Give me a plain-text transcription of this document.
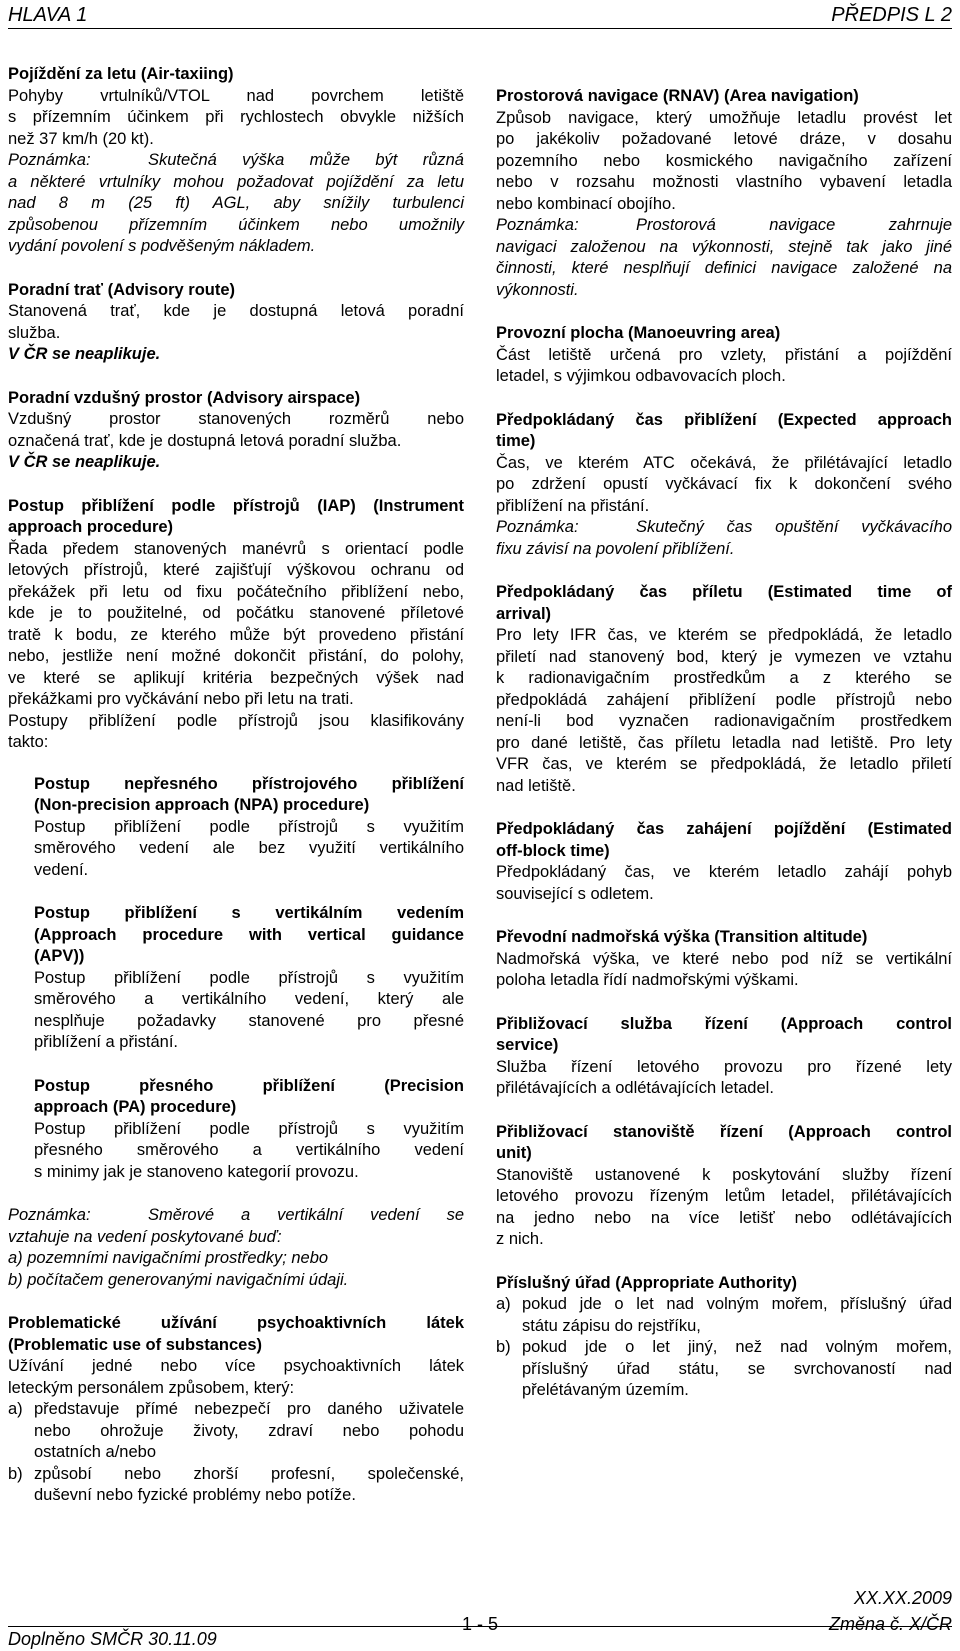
HLAVA 1	PŘEDPIS L 2
Pojíždění za letu (Air-taxiing)
Pohyby vrtulníků/VTOL nad povrchem letiště
s přízemním účinkem při rychlostech obvykle nižších
než 37 km/h (20 kt).
Poznámka:	Skutečná výška může být různá
a některé vrtulníky mohou požadovat pojíždění za letu
nad 8 m (25 ft) AGL, aby snížily turbulenci
způsobenou přízemním účinkem nebo umožnily
vydání povolení s podvěšeným nákladem.
Poradní trať (Advisory route)
Stanovená trať, kde je dostupná letová poradní
služba.
V ČR se neaplikuje.
Poradní vzdušný prostor (Advisory airspace)
Vzdušný prostor stanovených rozměrů nebo
označená trať, kde je dostupná letová poradní služba.
V ČR se neaplikuje.
Postup přiblížení podle přístrojů (IAP) (Instrument
approach procedure)
Řada předem stanovených manévrů s orientací podle
letových přístrojů, které zajišťují výškovou ochranu od
překážek při letu od fixu počátečního přiblížení nebo,
kde je to použitelné, od počátku stanovené příletové
tratě k bodu, ze kterého může být provedeno přistání
nebo, jestliže není možné dokončit přistání, do polohy,
ve které se aplikují kritéria bezpečných výšek nad
překážkami pro vyčkávání nebo při letu na trati.
Postupy přiblížení podle přístrojů jsou klasifikovány
takto:
Postup nepřesného přístrojového přiblížení
(Non-precision approach (NPA) procedure)
Postup přiblížení podle přístrojů s využitím
směrového vedení ale bez využití vertikálního
vedení.
Postup přiblížení s vertikálním vedením
(Approach procedure with vertical guidance
(APV))
Postup přiblížení podle přístrojů s využitím
směrového a vertikálního vedení, který ale
nesplňuje požadavky stanovené pro přesné
přiblížení a přistání.
Postup přesného přiblížení (Precision
approach (PA) procedure)
Postup přiblížení podle přístrojů s využitím
přesného směrového a vertikálního vedení
s minimy jak je stanoveno kategorií provozu.
Poznámka:	Směrové a vertikální vedení se
vztahuje na vedení poskytované buď:
a) pozemními navigačními prostředky; nebo
b) počítačem generovanými navigačními údaji.
Problematické užívání psychoaktivních látek
(Problematic use of substances)
Užívání jedné nebo více psychoaktivních látek
leteckým personálem způsobem, který:
a) představuje přímé nebezpečí pro daného uživatele
nebo ohrožuje životy, zdraví nebo pohodu
ostatních a/nebo
b) způsobí nebo zhorší profesní, společenské,
duševní nebo fyzické problémy nebo potíže.
Prostorová navigace (RNAV) (Area navigation)
Způsob navigace, který umožňuje letadlu provést let
po jakékoliv požadované letové dráze, v dosahu
pozemního nebo kosmického navigačního zařízení
nebo v rozsahu možnosti vlastního vybavení letadla
nebo kombinací obojího.
Poznámka:	Prostorová navigace zahrnuje
navigaci založenou na výkonnosti, stejně tak jako jiné
činnosti, které nesplňují definici navigace založené na
výkonnosti.
Provozní plocha (Manoeuvring area)
Část letiště určená pro vzlety, přistání a pojíždění
letadel, s výjimkou odbavovacích ploch.
Předpokládaný čas přiblížení (Expected approach
time)
Čas, ve kterém ATC očekává, že přilétávající letadlo
po zdržení opustí vyčkávací fix k dokončení svého
přiblížení na přistání.
Poznámka:	Skutečný čas opuštění vyčkávacího
fixu závisí na povolení přiblížení.
Předpokládaný čas příletu (Estimated time of
arrival)
Pro lety IFR čas, ve kterém se předpokládá, že letadlo
přiletí nad stanovený bod, který je vymezen ve vztahu
k radionavigačním prostředkům a z kterého se
předpokládá zahájení přiblížení podle přístrojů nebo
není-li bod vyznačen radionavigačním prostředkem
pro dané letiště, čas příletu letadla nad letiště. Pro lety
VFR čas, ve kterém se předpokládá, že letadlo přiletí
nad letiště.
Předpokládaný čas zahájení pojíždění (Estimated
off-block time)
Předpokládaný čas, ve kterém letadlo zahájí pohyb
související s odletem.
Převodní nadmořská výška (Transition altitude)
Nadmořská výška, ve které nebo pod níž se vertikální
poloha letadla řídí nadmořskými výškami.
Přibližovací služba řízení (Approach control
service)
Služba řízení letového provozu pro řízené lety
přilétávajících a odlétávajících letadel.
Přibližovací stanoviště řízení (Approach control
unit)
Stanoviště ustanovené k poskytování služby řízení
letového provozu řízeným letům letadel, přilétávajících
na jedno nebo na více letišť nebo odlétávajících
z nich.
Příslušný úřad (Appropriate Authority)
a) pokud jde o let nad volným mořem, příslušný úřad
státu zápisu do rejstříku,
b) pokud jde o let jiný, než nad volným mořem,
příslušný úřad státu, se svrchovaností nad
přelétávaným územím.
XX.XX.2009
1 - 5	Změna č. X/ČR
Doplněno SMČR 30.11.09
